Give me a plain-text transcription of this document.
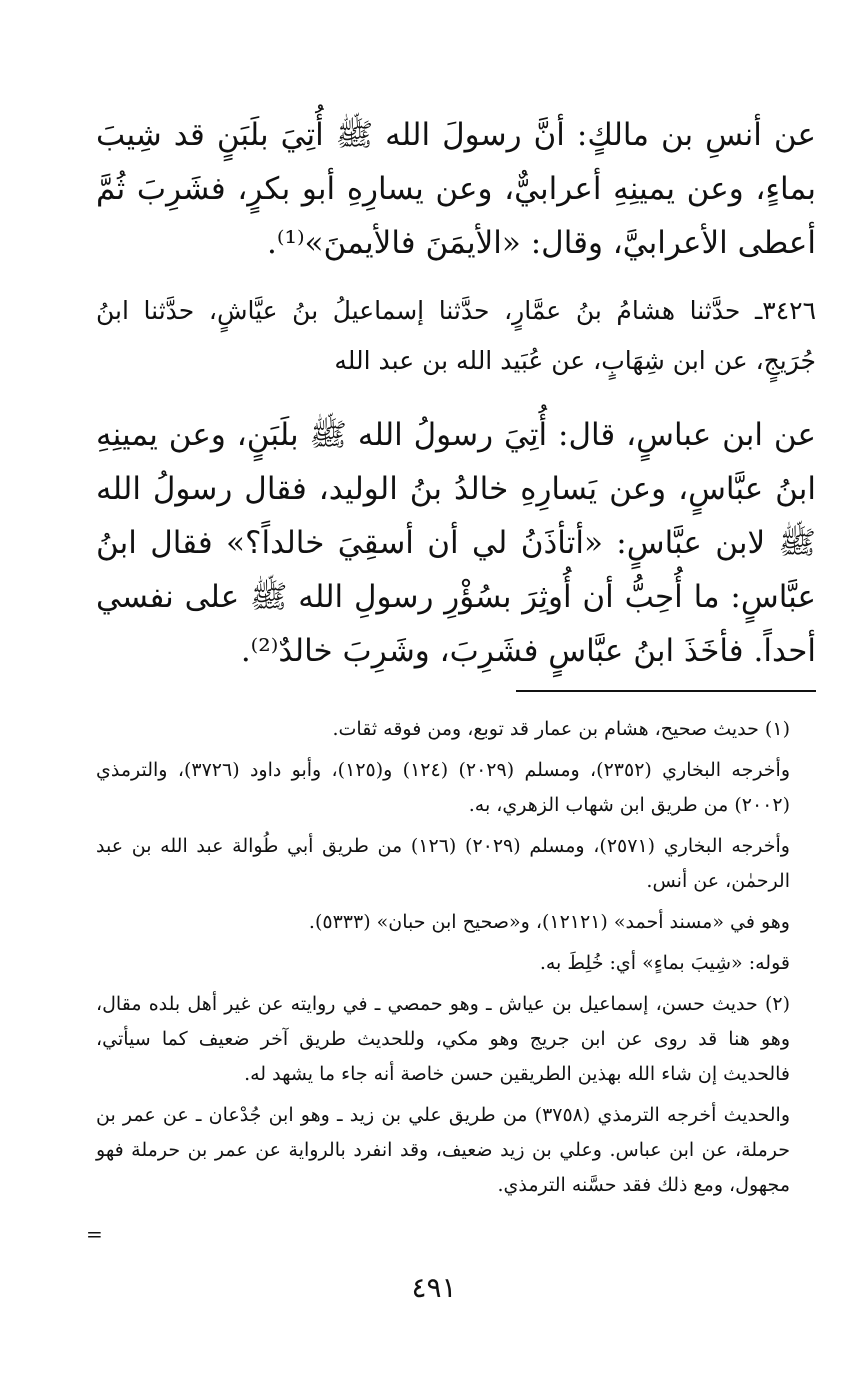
عن أنسِ بن مالكٍ: أنَّ رسولَ الله ﷺ أُتِيَ بلَبَنٍ قد شِيبَ بماءٍ، وعن يمينِهِ أعرابيٌّ، وعن يسارِهِ أبو بكرٍ، فشَرِبَ ثُمَّ أعطى الأعرابيَّ، وقال: «الأيمَنَ فالأيمنَ»⁽¹⁾.

٣٤٢٦ـ حدَّثنا هشامُ بنُ عمَّارٍ، حدَّثنا إسماعيلُ بنُ عيَّاشٍ، حدَّثنا ابنُ جُرَيجٍ، عن ابن شِهَابٍ، عن عُبَيد الله بن عبد الله

عن ابن عباسٍ، قال: أُتِيَ رسولُ الله ﷺ بلَبَنٍ، وعن يمينِهِ ابنُ عبَّاسٍ، وعن يَسارِهِ خالدُ بنُ الوليد، فقال رسولُ الله ﷺ لابن عبَّاسٍ: «أتأذَنُ لي أن أسقِيَ خالداً؟» فقال ابنُ عبَّاسٍ: ما أُحِبُّ أن أُوثِرَ بسُؤْرِ رسولِ الله ﷺ على نفسي أحداً. فأخَذَ ابنُ عبَّاسٍ فشَرِبَ، وشَرِبَ خالدٌ⁽²⁾.

(١) حديث صحيح، هشام بن عمار قد توبع، ومن فوقه ثقات.

وأخرجه البخاري (٢٣٥٢)، ومسلم (٢٠٢٩) (١٢٤) و(١٢٥)، وأبو داود (٣٧٢٦)، والترمذي (٢٠٠٢) من طريق ابن شهاب الزهري، به.

وأخرجه البخاري (٢٥٧١)، ومسلم (٢٠٢٩) (١٢٦) من طريق أبي طُوالة عبد الله بن عبد الرحمٰن، عن أنس.

وهو في «مسند أحمد» (١٢١٢١)، و«صحيح ابن حبان» (٥٣٣٣).

قوله: «شِيبَ بماءٍ» أي: خُلِطَ به.

(٢) حديث حسن، إسماعيل بن عياش ـ وهو حمصي ـ في روايته عن غير أهل بلده مقال، وهو هنا قد روى عن ابن جريج وهو مكي، وللحديث طريق آخر ضعيف كما سيأتي، فالحديث إن شاء الله بهذين الطريقين حسن خاصة أنه جاء ما يشهد له.

والحديث أخرجه الترمذي (٣٧٥٨) من طريق علي بن زيد ـ وهو ابن جُدْعان ـ عن عمر بن حرملة، عن ابن عباس. وعلي بن زيد ضعيف، وقد انفرد بالرواية عن عمر بن حرملة فهو مجهول، ومع ذلك فقد حسَّنه الترمذي.

=
٤٩١
